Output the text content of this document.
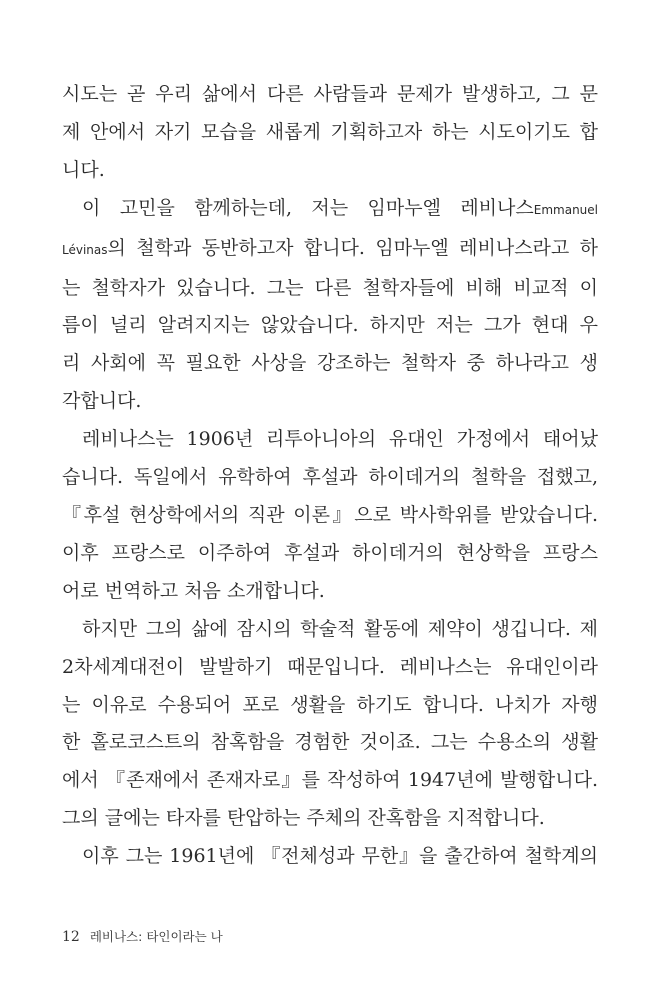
시도는 곧 우리 삶에서 다른 사람들과 문제가 발생하고, 그 문
제 안에서 자기 모습을 새롭게 기획하고자 하는 시도이기도 합
니다.
이 고민을 함께하는데, 저는 임마누엘 레비나스Emmanuel
Lévinas의 철학과 동반하고자 합니다. 임마누엘 레비나스라고 하
는 철학자가 있습니다. 그는 다른 철학자들에 비해 비교적 이
름이 널리 알려지지는 않았습니다. 하지만 저는 그가 현대 우
리 사회에 꼭 필요한 사상을 강조하는 철학자 중 하나라고 생
각합니다.
레비나스는 1906년 리투아니아의 유대인 가정에서 태어났
습니다. 독일에서 유학하여 후설과 하이데거의 철학을 접했고,
『후설 현상학에서의 직관 이론』으로 박사학위를 받았습니다.
이후 프랑스로 이주하여 후설과 하이데거의 현상학을 프랑스
어로 번역하고 처음 소개합니다.
하지만 그의 삶에 잠시의 학술적 활동에 제약이 생깁니다. 제
2차세계대전이 발발하기 때문입니다. 레비나스는 유대인이라
는 이유로 수용되어 포로 생활을 하기도 합니다. 나치가 자행
한 홀로코스트의 참혹함을 경험한 것이죠. 그는 수용소의 생활
에서 『존재에서 존재자로』를 작성하여 1947년에 발행합니다.
그의 글에는 타자를 탄압하는 주체의 잔혹함을 지적합니다.
이후 그는 1961년에 『전체성과 무한』을 출간하여 철학계의
12 레비나스: 타인이라는 나
